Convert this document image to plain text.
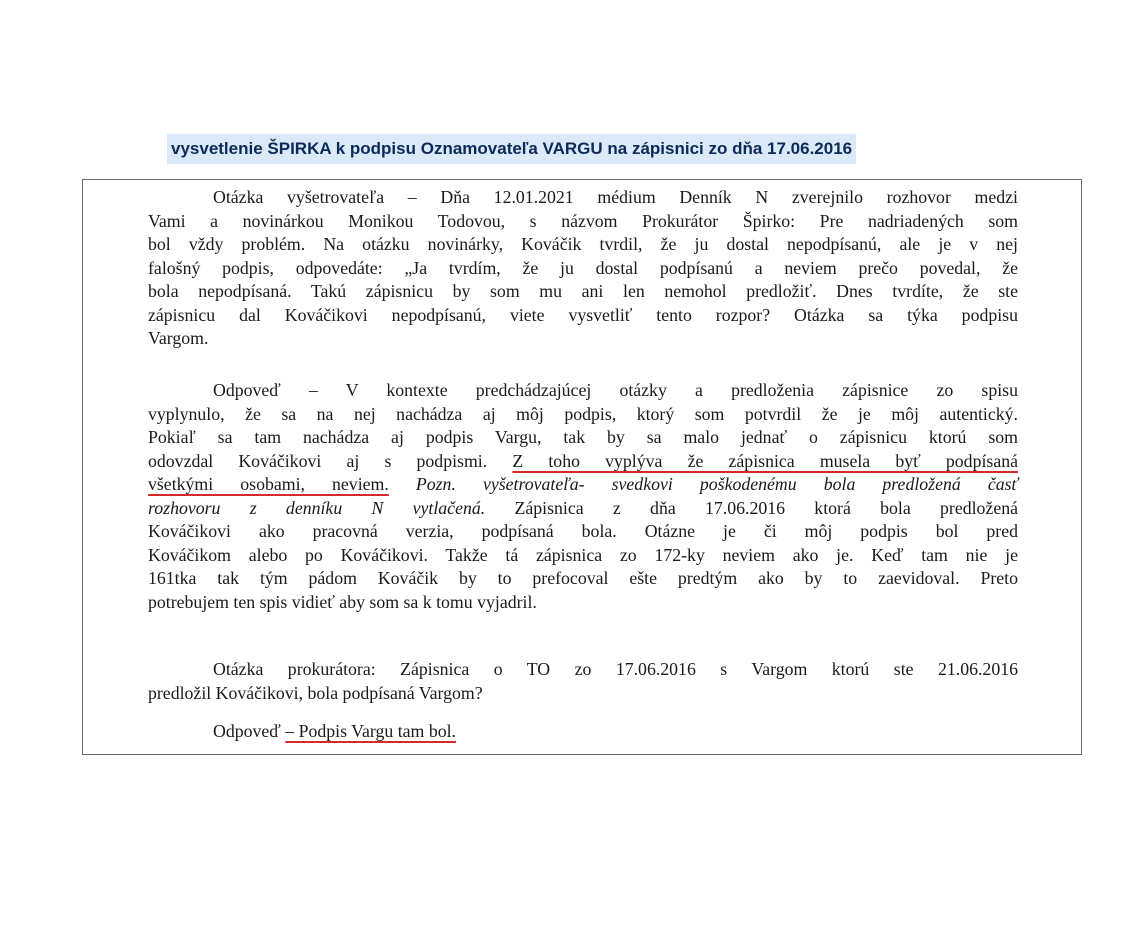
vysvetlenie ŠPIRKA k podpisu Oznamovateľa VARGU na zápisnici zo dňa 17.06.2016

Otázka vyšetrovateľa – Dňa 12.01.2021 médium Denník N zverejnilo rozhovor medzi
Vami a novinárkou Monikou Todovou, s názvom Prokurátor Špirko: Pre nadriadených som
bol vždy problém. Na otázku novinárky, Kováčik tvrdil, že ju dostal nepodpísanú, ale je v nej
falošný podpis, odpovedáte: „Ja tvrdím, že ju dostal podpísanú a neviem prečo povedal, že
bola nepodpísaná. Takú zápisnicu by som mu ani len nemohol predložiť. Dnes tvrdíte, že ste
zápisnicu dal Kováčikovi nepodpísanú, viete vysvetliť tento rozpor? Otázka sa týka podpisu
Vargom.

Odpoveď – V kontexte predchádzajúcej otázky a predloženia zápisnice zo spisu
vyplynulo, že sa na nej nachádza aj môj podpis, ktorý som potvrdil že je môj autentický.
Pokiaľ sa tam nachádza aj podpis Vargu, tak by sa malo jednať o zápisnicu ktorú som
odovzdal Kováčikovi aj s podpismi. Z toho vyplýva že zápisnica musela byť podpísaná
všetkými osobami, neviem. Pozn. vyšetrovateľa- svedkovi poškodenému bola predložená časť
rozhovoru z denníku N vytlačená. Zápisnica z dňa 17.06.2016 ktorá bola predložená
Kováčikovi ako pracovná verzia, podpísaná bola. Otázne je či môj podpis bol pred
Kováčikom alebo po Kováčikovi. Takže tá zápisnica zo 172-ky neviem ako je. Keď tam nie je
161tka tak tým pádom Kováčik by to prefocoval ešte predtým ako by to zaevidoval. Preto
potrebujem ten spis vidieť aby som sa k tomu vyjadril.

Otázka prokurátora: Zápisnica o TO zo 17.06.2016 s Vargom ktorú ste 21.06.2016
predložil Kováčikovi, bola podpísaná Vargom?

Odpoveď – Podpis Vargu tam bol.
